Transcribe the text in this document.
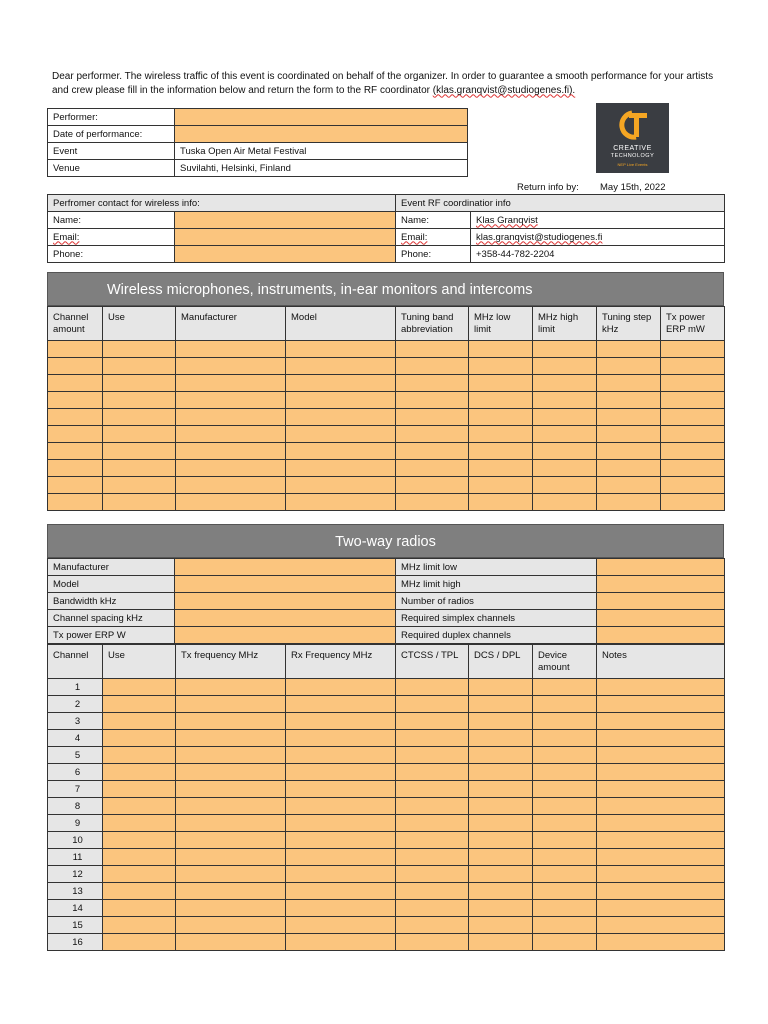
Dear performer. The wireless traffic of this event is coordinated on behalf of the organizer. In order to guarantee a smooth performance for your artists and crew please fill in the information below and return the form to the RF coordinator (klas.granqvist@studiogenes.fi).
Performer:	
Date of performance:	
Event	Tuska Open Air Metal Festival
Venue	Suvilahti, Helsinki, Finland
CREATIVE
TECHNOLOGY
NEP Live Events
Return info by: May 15th, 2022
Perfromer contact for wireless info:		Event RF coordinatior info	
Name:		Name:	Klas Granqvist
Email:		Email:	klas.granqvist@studiogenes.fi
Phone:		Phone:	+358-44-782-2204
Wireless microphones, instruments, in-ear monitors and intercoms
Channel amount	Use	Manufacturer	Model	Tuning band abbreviation	MHz low limit	MHz high limit	Tuning step kHz	Tx power ERP mW

Two-way radios
Manufacturer		MHz limit low	
Model		MHz limit high	
Bandwidth kHz		Number of radios	
Channel spacing kHz		Required simplex channels	
Tx power ERP W		Required duplex channels	
Channel	Use	Tx frequency MHz	Rx Frequency MHz	CTCSS / TPL	DCS / DPL	Device amount	Notes
1							
2							
3							
4							
5							
6							
7							
8							
9							
10							
11							
12							
13							
14							
15							
16							
